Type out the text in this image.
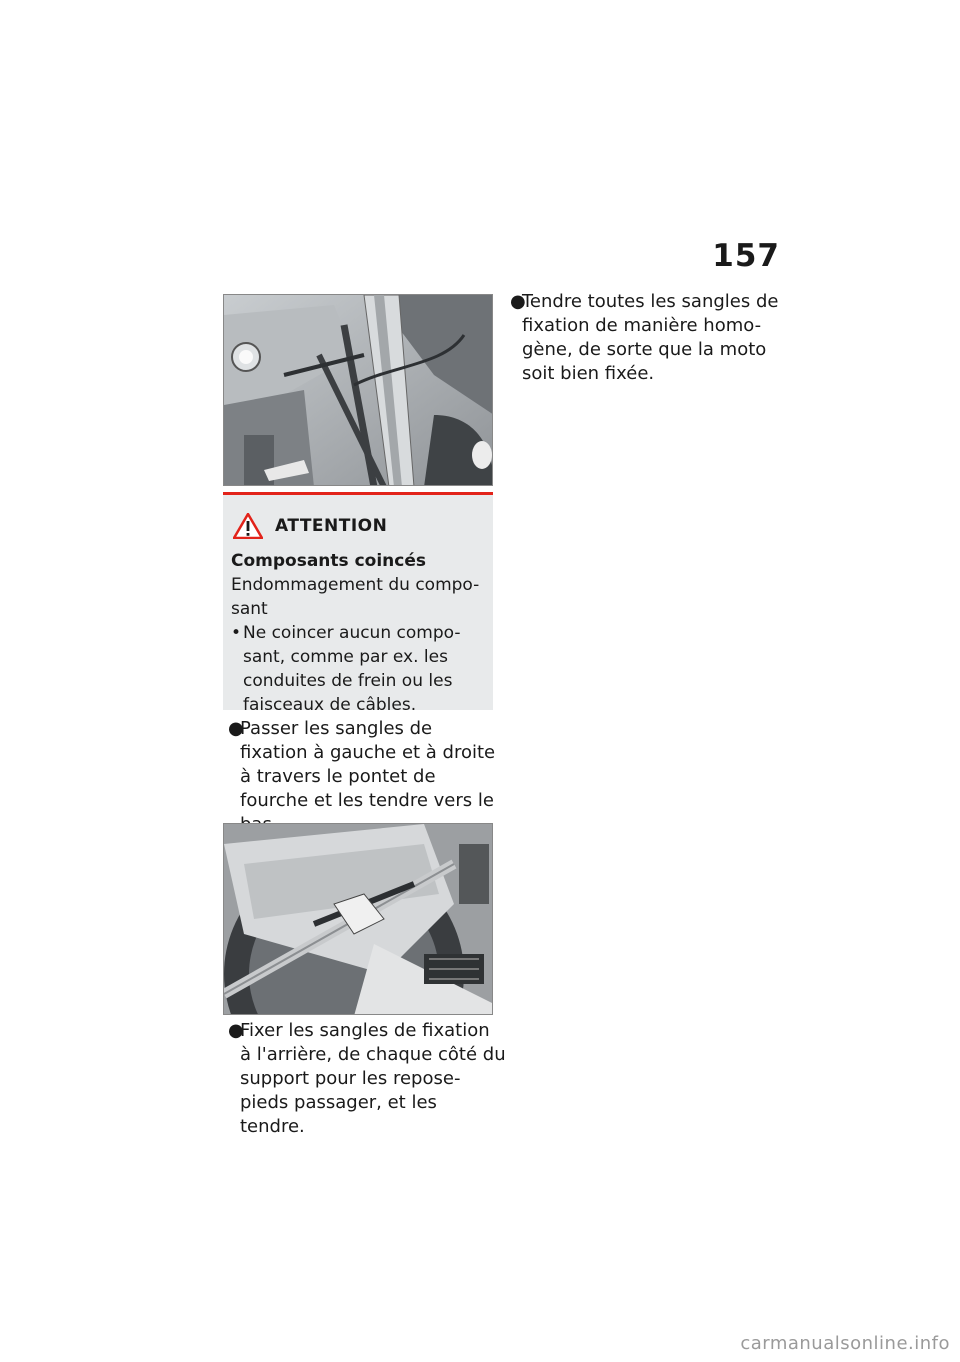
157
ATTENTION
Composants coincés
Endommagement du compo-sant
• Ne coincer aucun compo-sant, comme par ex. les conduites de frein ou les faisceaux de câbles.
●
Passer les sangles de fixation à gauche et à droite à travers le pontet de fourche et les tendre vers le
●
Fixer les sangles de fixation à l'arrière, de chaque côté du support pour les repose-pieds passager, et les tendre.
●
Tendre toutes les sangles de fixation de manière homo-gène, de sorte que la moto soit bien fixée.
carmanualsonline.info
